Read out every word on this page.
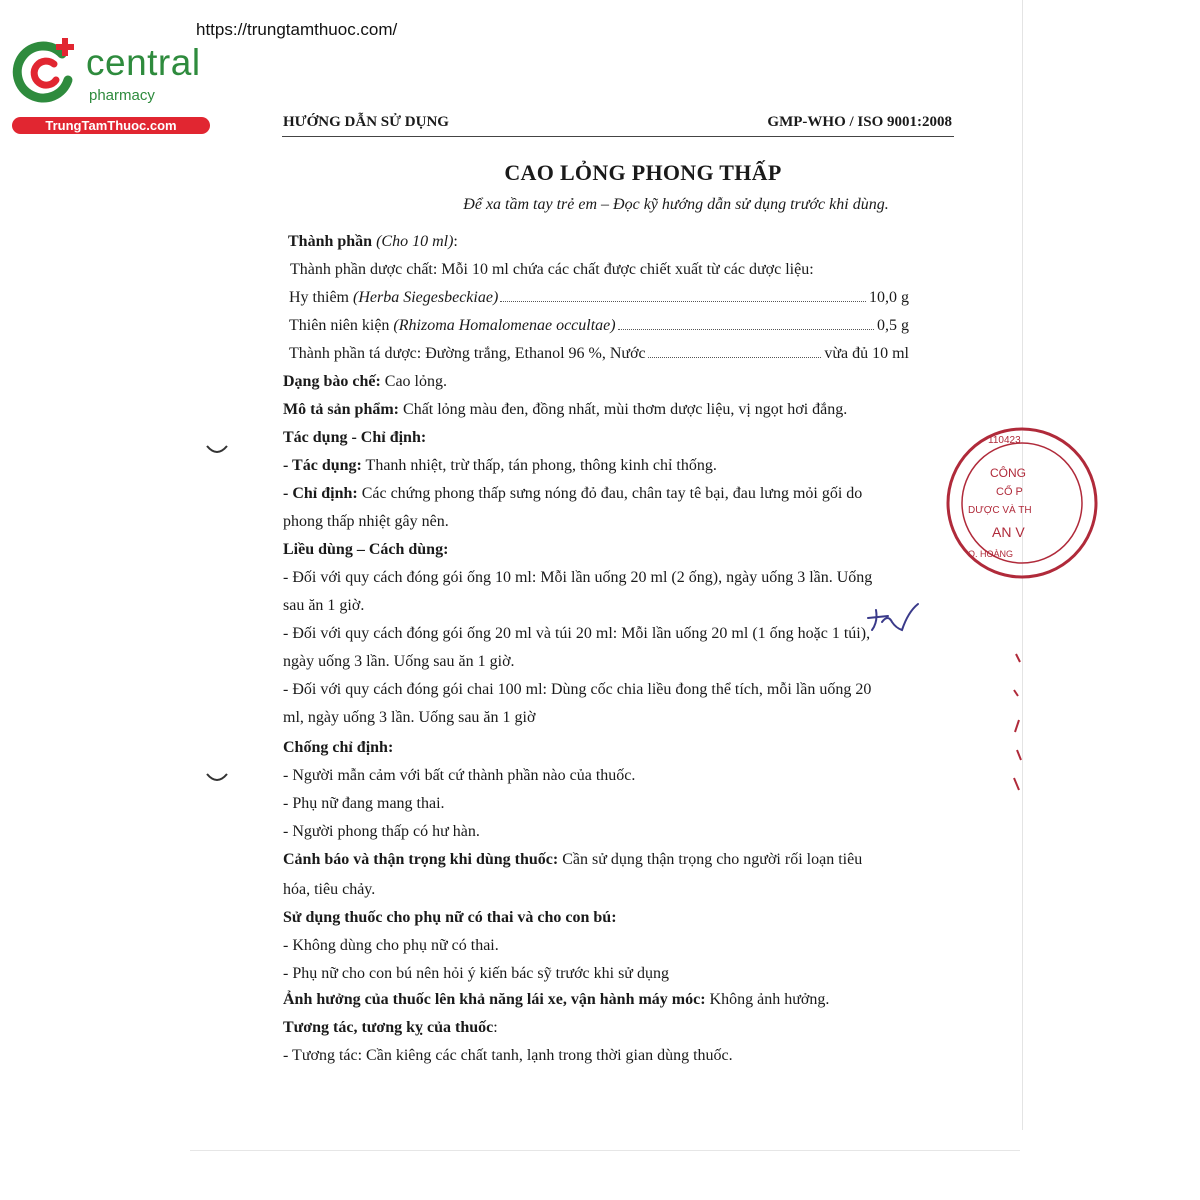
https://trungtamthuoc.com/
central
pharmacy
TrungTamThuoc.com	HƯỚNG DẪN SỬ DỤNG	GMP-WHO / ISO 9001:2008
CAO LỎNG PHONG THẤP
Để xa tầm tay trẻ em – Đọc kỹ hướng dẫn sử dụng trước khi dùng.
Thành phần (Cho 10 ml):
Thành phần dược chất: Mỗi 10 ml chứa các chất được chiết xuất từ các dược liệu:
Hy thiêm (Herba Siegesbeckiae)	10,0 g
Thiên niên kiện (Rhizoma Homalomenae occultae)	0,5 g
Thành phần tá dược: Đường trắng, Ethanol 96 %, Nước	vừa đủ 10 ml
Dạng bào chế: Cao lỏng.
Mô tả sản phẩm: Chất lỏng màu đen, đồng nhất, mùi thơm dược liệu, vị ngọt hơi đắng.
Tác dụng - Chỉ định:
- Tác dụng: Thanh nhiệt, trừ thấp, tán phong, thông kinh chỉ thống.
- Chỉ định: Các chứng phong thấp sưng nóng đỏ đau, chân tay tê bại, đau lưng mỏi gối do
phong thấp nhiệt gây nên.
Liều dùng – Cách dùng:
- Đối với quy cách đóng gói ống 10 ml: Mỗi lần uống 20 ml (2 ống), ngày uống 3 lần. Uống
sau ăn 1 giờ.
- Đối với quy cách đóng gói ống 20 ml và túi 20 ml: Mỗi lần uống 20 ml (1 ống hoặc 1 túi),
ngày uống 3 lần. Uống sau ăn 1 giờ.
- Đối với quy cách đóng gói chai 100 ml: Dùng cốc chia liều đong thể tích, mỗi lần uống 20
ml, ngày uống 3 lần. Uống sau ăn 1 giờ
Chống chỉ định:
- Người mẫn cảm với bất cứ thành phần nào của thuốc.
- Phụ nữ đang mang thai.
- Người phong thấp có hư hàn.
Cảnh báo và thận trọng khi dùng thuốc: Cần sử dụng thận trọng cho người rối loạn tiêu
hóa, tiêu chảy.
Sử dụng thuốc cho phụ nữ có thai và cho con bú:
- Không dùng cho phụ nữ có thai.
- Phụ nữ cho con bú nên hỏi ý kiến bác sỹ trước khi sử dụng
Ảnh hưởng của thuốc lên khả năng lái xe, vận hành máy móc: Không ảnh hưởng.
Tương tác, tương kỵ của thuốc:
- Tương tác: Cần kiêng các chất tanh, lạnh trong thời gian dùng thuốc.
110423
CÔNG
CỔ P
DƯỢC VÀ TH
AN V
O. HOÀNG
